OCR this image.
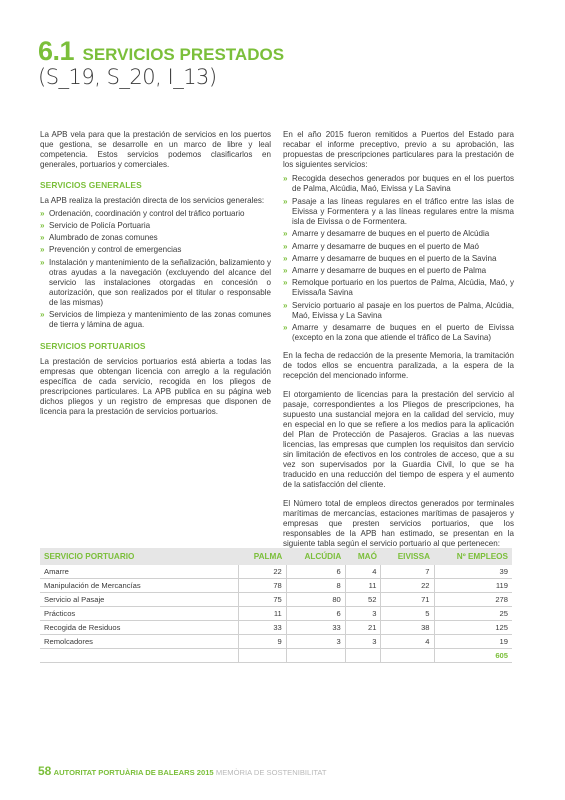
6.1 SERVICIOS PRESTADOS
(S_19, S_20, I_13)

La APB vela para que la prestación de servicios en los puertos que gestiona, se desarrolle en un marco de libre y leal competencia. Estos servicios podemos clasificarlos en generales, portuarios y comerciales.

SERVICIOS GENERALES

La APB realiza la prestación directa de los servicios generales:

» Ordenación, coordinación y control del tráfico portuario
» Servicio de Policía Portuaria
» Alumbrado de zonas comunes
» Prevención y control de emergencias
» Instalación y mantenimiento de la señalización, balizamiento y otras ayudas a la navegación (excluyendo del alcance del servicio las instalaciones otorgadas en concesión o autorización, que son realizados por el titular o responsable de las mismas)
» Servicios de limpieza y mantenimiento de las zonas comunes de tierra y lámina de agua.
SERVICIOS PORTUARIOS

La prestación de servicios portuarios está abierta a todas las empresas que obtengan licencia con arreglo a la regulación específica de cada servicio, recogida en los pliegos de prescripciones particulares. La APB publica en su página web dichos pliegos y un registro de empresas que disponen de licencia para la prestación de servicios portuarios.

En el año 2015 fueron remitidos a Puertos del Estado para recabar el informe preceptivo, previo a su aprobación, las propuestas de prescripciones particulares para la prestación de los siguientes servicios:

» Recogida desechos generados por buques en el los puertos de Palma, Alcúdia, Maó, Eivissa y La Savina
» Pasaje a las líneas regulares en el tráfico entre las islas de Eivissa y Formentera y a las líneas regulares entre la misma isla de Eivissa o de Formentera.
» Amarre y desamarre de buques en el puerto de Alcúdia
» Amarre y desamarre de buques en el puerto de Maó
» Amarre y desamarre de buques en el puerto de la Savina
» Amarre y desamarre de buques en el puerto de Palma
» Remolque portuario en los puertos de Palma, Alcúdia, Maó, y Eivissa/la Savina
» Servicio portuario al pasaje en los puertos de Palma, Alcúdia, Maó, Eivissa y La Savina
» Amarre y desamarre de buques en el puerto de Eivissa (excepto en la zona que atiende el tráfico de La Savina)

En la fecha de redacción de la presente Memoria, la tramitación de todos ellos se encuentra paralizada, a la espera de la recepción del mencionado informe.

El otorgamiento de licencias para la prestación del servicio al pasaje, correspondientes a los Pliegos de prescripciones, ha supuesto una sustancial mejora en la calidad del servicio, muy en especial en lo que se refiere a los medios para la aplicación del Plan de Protección de Pasajeros. Gracias a las nuevas licencias, las empresas que cumplen los requisitos dan servicio sin limitación de efectivos en los controles de acceso, que a su vez son supervisados por la Guardia Civil, lo que se ha traducido en una reducción del tiempo de espera y el aumento de la satisfacción del cliente.

El Número total de empleos directos generados por terminales marítimas de mercancías, estaciones marítimas de pasajeros y empresas que presten servicios portuarios, que los responsables de la APB han estimado, se presentan en la siguiente tabla según el servicio portuario al que pertenecen:

SERVICIO PORTUARIO	PALMA	ALCÚDIA	MAÓ	EIVISSA	Nº EMPLEOS
Amarre	22	6	4	7	39
Manipulación de Mercancías	78	8	11	22	119
Servicio al Pasaje	75	80	52	71	278
Prácticos	11	6	3	5	25
Recogida de Residuos	33	33	21	38	125
Remolcadores	9	3	3	4	19
					605
58 AUTORITAT PORTUÀRIA DE BALEARS 2015 MEMÒRIA DE SOSTENIBILITAT
